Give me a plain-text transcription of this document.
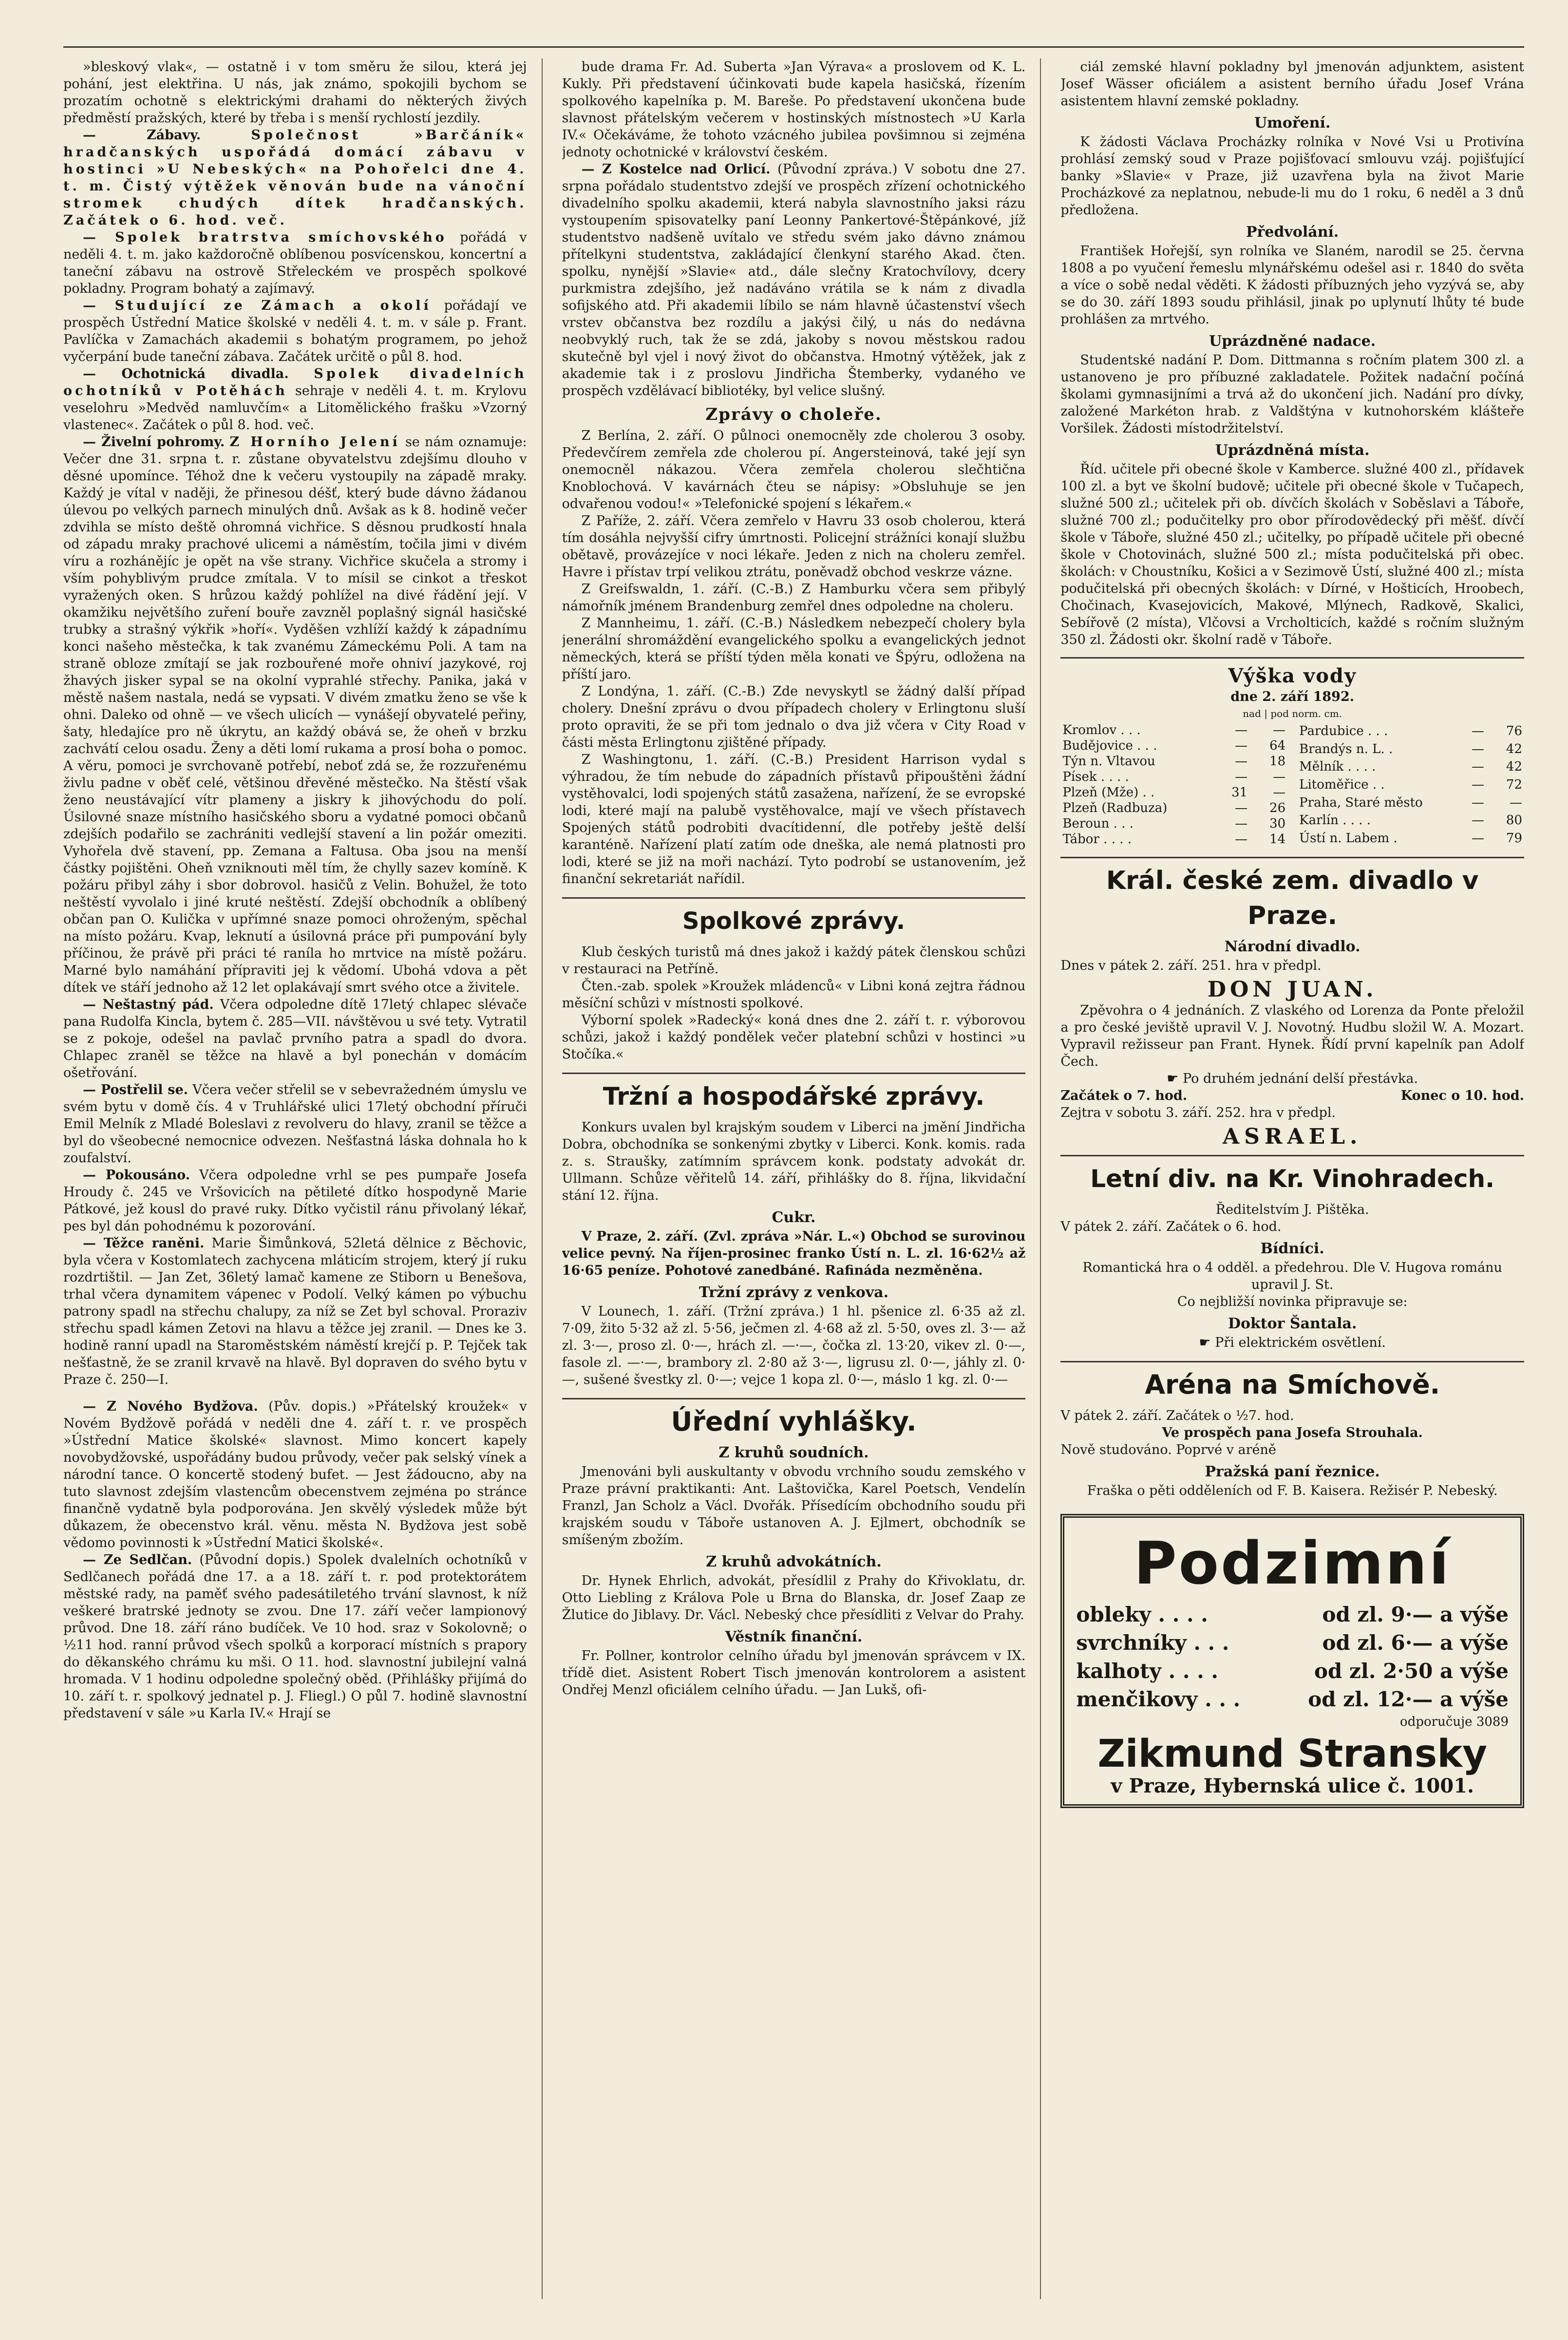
»bleskový vlak«, — ostatně i v tom směru že silou, která jej pohání, jest elektřina. U nás, jak známo, spokojili bychom se prozatím ochotně s elektrickými drahami do některých živých předměstí pražských, které by třeba i s menší rychlostí jezdily.

— Zábavy.	Společnost »Barčáník« hradčanských uspořádá domácí zábavu v hostinci »U Nebeských« na Pohořelci dne 4. t. m. Čistý výtěžek věnován bude na vánoční stromek chudých dítek hradčanských. Začátek o 6. hod. več.

— Spolek bratrstva smíchovského pořádá v neděli 4. t. m. jako každoročně oblíbenou posvícenskou, koncertní a taneční zábavu na ostrově Střeleckém ve prospěch spolkové pokladny. Program bohatý a zajímavý.

— Studující ze Zámach a okolí pořádají ve prospěch Ústřední Matice školské v neděli 4. t. m. v sále p. Frant. Pavlíčka v Zamachách akademii s bohatým programem, po jehož vyčerpání bude taneční zábava. Začátek určitě o půl 8. hod.

— Ochotnická divadla. Spolek divadelních ochotníků v Potěhách sehraje v neděli 4. t. m. Krylovu veselohru »Medvěd namluvčím« a Litomělického frašku »Vzorný vlastenec«. Začátek o půl 8. hod. več.

— Živelní pohromy. Z Horního Jelení se nám oznamuje: Večer dne 31. srpna t. r. zůstane obyvatelstvu zdejšímu dlouho v děsné upomínce. Téhož dne k večeru vystoupily na západě mraky. Každý je vítal v naději, že přinesou déšť, který bude dávno žádanou úlevou po velkých parnech minulých dnů. Avšak as k 8. hodině večer zdvihla se místo deště ohromná vichřice. S děsnou prudkostí hnala od západu mraky prachové ulicemi a náměstím, točila jimi v divém víru a rozhánějíc je opět na vše strany. Vichřice skučela a stromy i vším pohyblivým prudce zmítala. V to mísil se cinkot a třeskot vyražených oken. S hrůzou každý pohlížel na divé řádění její. V okamžiku největšího zuření bouře zavzněl poplašný signál hasičské trubky a strašný výkřik »hoří«. Vyděšen vzhlíží každý k západnímu konci našeho městečka, k tak zvanému Zámeckému Poli. A tam na straně obloze zmítají se jak rozbouřené moře ohniví jazykové, roj žhavých jisker sypal se na okolní vyprahlé střechy. Panika, jaká v městě našem nastala, nedá se vypsati. V divém zmatku ženo se vše k ohni. Daleko od ohně — ve všech ulicích — vynášejí obyvatelé peřiny, šaty, hledajíce pro ně úkrytu, an každý obává se, že oheň v brzku zachvátí celou osadu. Ženy a děti lomí rukama a prosí boha o pomoc. A věru, pomoci je svrchovaně potřebí, neboť zdá se, že rozzuřenému živlu padne v oběť celé, většinou dřevěné městečko. Na štěstí však ženo neustávající vítr plameny a jiskry k jihovýchodu do polí. Úsilovné snaze místního hasičského sboru a vydatné pomoci občanů zdejších podařilo se zachrániti vedlejší stavení a lin požár omeziti. Vyhořela dvě stavení, pp. Zemana a Faltusa. Oba jsou na menší částky pojištěni. Oheň vzniknouti měl tím, že chylly sazev komíně. K požáru přibyl záhy i sbor dobrovol. hasičů z Velin. Bohužel, že toto neštěstí vyvolalo i jiné kruté neštěstí. Zdejší obchodník a oblíbený občan pan O. Kulička v upřímné snaze pomoci ohroženým, spěchal na místo požáru. Kvap, leknutí a úsilovná práce při pumpování byly příčinou, že právě při práci té raníla ho mrtvice na místě požáru. Marné bylo namáhání přípraviti jej k vědomí. Ubohá vdova a pět dítek ve stáří jednoho až 12 let oplakávají smrt svého otce a živitele.

— Neštastný pád. Včera odpoledne dítě 17letý chlapec slévače pana Rudolfa Kincla, bytem č. 285—VII. návštěvou u své tety. Vytratil se z pokoje, odešel na pavlač prvního patra a spadl do dvora. Chlapec zraněl se těžce na hlavě a byl ponechán v domácím ošetřování.

— Postřelil se. Včera večer střelil se v sebevražedném úmyslu ve svém bytu v domě čís. 4 v Truhlářské ulici 17letý obchodní příruči Emil Melník z Mladé Boleslavi z revolveru do hlavy, zranil se těžce a byl do všeobecné nemocnice odvezen. Nešťastná láska dohnala ho k zoufalství.

— Pokousáno. Včera odpoledne vrhl se pes pumpaře Josefa Hroudy č. 245 ve Vršovicích na pětileté dítko hospodyně Marie Pátkové, jež kousl do pravé ruky. Dítko vyčistil ránu přivolaný lékař, pes byl dán pohodnému k pozorování.

— Těžce raněni. Marie Šimůnková, 52letá dělnice z Běchovic, byla včera v Kostomlatech zachycena mláticím strojem, který jí ruku rozdrtištil. — Jan Zet, 36letý lamač kamene ze Stiborn u Benešova, trhal včera dynamitem vápenec v Podolí. Velký kámen po výbuchu patrony spadl na střechu chalupy, za níž se Zet byl schoval. Proraziv střechu spadl kámen Zetovi na hlavu a těžce jej zranil. — Dnes ke 3. hodině ranní upadl na Staroměstském náměstí krejčí p. P. Tejček tak nešťastně, že se zranil krvavě na hlavě. Byl dopraven do svého bytu v Praze č. 250—I.

— Z Nového Bydžova. (Pův. dopis.) »Přátelský kroužek« v Novém Bydžově pořádá v neděli dne 4. září t. r. ve prospěch »Ústřední Matice školské« slavnost. Mimo koncert kapely novobydžovské, uspořádány budou průvody, večer pak selský vínek a národní tance. O koncertě stodený bufet. — Jest žádoucno, aby na tuto slavnost zdejším vlastencům obecenstvem zejména po stránce finančně vydatně byla podporována. Jen skvělý výsledek může být důkazem, že obecenstvo král. věnu. města N. Bydžova jest sobě vědomo povinnosti k »Ústřední Matici školské«.

— Ze Sedlčan. (Původní dopis.) Spolek dvalelních ochotníků v Sedlčanech pořádá dne 17. a a 18. září t. r. pod protektorátem městské rady, na paměť svého padesátiletého trvání slavnost, k níž veškeré bratrské jednoty se zvou. Dne 17. září večer lampionový průvod. Dne 18. září ráno budíček. Ve 10 hod. sraz v Sokolovně; o ½11 hod. ranní průvod všech spolků a korporací místních s prapory do děkanského chrámu ku mši. O 11. hod. slavnostní jubilejní valná hromada. V 1 hodinu odpoledne společný oběd. (Přihlášky přijímá do 10. září t. r. spolkový jednatel p. J. Fliegl.) O půl 7. hodině slavnostní představení v sále »u Karla IV.« Hrají se

bude drama Fr. Ad. Suberta »Jan Výrava« a proslovem od K. L. Kukly. Při představení účinkovati bude kapela hasičská, řízením spolkového kapelníka p. M. Bareše. Po představení ukončena bude slavnost přátelským večerem v hostinských místnostech »U Karla IV.« Očekáváme, že tohoto vzácného jubilea povšimnou si zejména jednoty ochotnické v království českém.

— Z Kostelce nad Orlicí. (Původní zpráva.) V sobotu dne 27. srpna pořádalo studentstvo zdejší ve prospěch zřízení ochotnického divadelního spolku akademii, která nabyla slavnostního jaksi rázu vystoupením spisovatelky paní Leonny Pankertové-Štěpánkové, jíž studentstvo nadšeně uvítalo ve středu svém jako dávno známou přítelkyni studentstva, zakládající členkyní starého Akad. čten. spolku, nynější »Slavie« atd., dále slečny Kratochvílovy, dcery purkmistra zdejšího, jež nadáváno vrátila se k nám z divadla sofijského atd. Při akademii líbilo se nám hlavně účastenství všech vrstev občanstva bez rozdílu a jakýsi čilý, u nás do nedávna neobvyklý ruch, tak že se zdá, jakoby s novou městskou radou skutečně byl vjel i nový život do občanstva. Hmotný výtěžek, jak z akademie tak i z proslovu Jindřicha Štemberky, vydaného ve prospěch vzdělávací bibliotéky, byl velice slušný.

Zprávy o choleře.

Z Berlína, 2. září. O půlnoci onemocněly zde cholerou 3 osoby. Předevčírem zemřela zde cholerou pí. Angersteinová, také její syn onemocněl nákazou. Včera zemřela cholerou slečhtična Knoblochová. V kavárnách čteu se nápisy: »Obsluhuje se jen odvařenou vodou!« »Telefonické spojení s lékařem.«

Z Paříže, 2. září. Včera zemřelo v Havru 33 osob cholerou, která tím dosáhla nejvyšší cifry úmrtnosti. Policejní strážníci konají službu obětavě, provázejíce v noci lékaře. Jeden z nich na choleru zemřel. Havre i přístav trpí velikou ztrátu, poněvadž obchod veskrze vázne.

Z Greifswaldn, 1. září. (C.-B.) Z Hamburku včera sem přibylý námořník jménem Brandenburg zemřel dnes odpoledne na choleru.

Z Mannheimu, 1. září. (C.-B.) Následkem nebezpečí cholery byla jenerální shromáždění evangelického spolku a evangelických jednot německých, která se příští týden měla konati ve Špýru, odložena na příští jaro.

Z Londýna, 1. září. (C.-B.) Zde nevyskytl se žádný další případ cholery. Dnešní zprávu o dvou případech cholery v Erlingtonu sluší proto opraviti, že se při tom jednalo o dva již včera v City Road v části města Erlingtonu zjištěné případy.

Z Washingtonu, 1. září. (C.-B.) President Harrison vydal s výhradou, že tím nebude do západních přístavů připouštěni žádní vystěhovalci, lodi spojených států zasažena, nařízení, že se evropské lodi, které mají na palubě vystěhovalce, mají ve všech přístavech Spojených států podrobiti dvacítidenní, dle potřeby ještě delší karanténě. Nařízení platí zatím ode dneška, ale nemá platnosti pro lodi, které se již na moři nachází. Tyto podrobí se ustanovením, jež finanční sekretariát nařídil.

Spolkové zprávy.

Klub českých turistů má dnes jakož i každý pátek členskou schůzi v restauraci na Petříně.

Čten.-zab. spolek »Kroužek mládenců« v Libni koná zejtra řádnou měsíční schůzi v místnosti spolkové.

Výborní spolek »Radecký« koná dnes dne 2. září t. r. výborovou schůzi, jakož i každý pondělek večer platební schůzi v hostinci »u Stočíka.«

Tržní a hospodářské zprávy.

Konkurs uvalen byl krajským soudem v Liberci na jmění Jindřicha Dobra, obchodníka se sonkenými zbytky v Liberci. Konk. komis. rada z. s. Straušky, zatímním správcem konk. podstaty advokát dr. Ullmann. Schůze věřitelů 14. září, přihlášky do 8. října, likvidační stání 12. října.

Cukr.

V Praze, 2. září. (Zvl. zpráva »Nár. L.«) Obchod se surovinou velice pevný. Na říjen-prosinec franko Ústí n. L. zl. 16·62½ až 16·65 peníze. Pohotové zanedbáné. Rafináda nezměněna.

Tržní zprávy z venkova.

V Lounech, 1. září. (Tržní zpráva.) 1 hl. pšenice zl. 6·35 až zl. 7·09, žito 5·32 až zl. 5·56, ječmen zl. 4·68 až zl. 5·50, oves zl. 3·— až zl. 3·—, proso zl. 0·—, hrách zl. —·—, čočka zl. 13·20, vikev zl. 0·—, fasole zl. —·—, brambory zl. 2·80 až 3·—, ligrusu zl. 0·—, jáhly zl. 0·—, sušené švestky zl. 0·—; vejce 1 kopa zl. 0·—, máslo 1 kg. zl. 0·—

Úřední vyhlášky.
Z kruhů soudních.

Jmenováni byli auskultanty v obvodu vrchního soudu zemského v Praze právní praktikanti: Ant. Laštovička, Karel Poetsch, Vendelín Franzl, Jan Scholz a Václ. Dvořák. Přísedícím obchodního soudu při krajském soudu v Táboře ustanoven A. J. Ejlmert, obchodník se smíšeným zbožím.

Z kruhů advokátních.

Dr. Hynek Ehrlich, advokát, přesídlil z Prahy do Křivoklatu, dr. Otto Liebling z Králova Pole u Brna do Blanska, dr. Josef Zaap ze Žlutice do Jiblavy. Dr. Václ. Nebeský chce přesídliti z Velvar do Prahy.

Věstník finanční.

Fr. Pollner, kontrolor celního úřadu byl jmenován správcem v IX. třídě diet. Asistent Robert Tisch jmenován kontrolorem a asistent Ondřej Menzl oficiálem celního úřadu. — Jan Lukš, ofi-

ciál zemské hlavní pokladny byl jmenován adjunktem, asistent Josef Wässer oficiálem a asistent berního úřadu Josef Vrána asistentem hlavní zemské pokladny.

Umoření.

K žádosti Václava Procházky rolníka v Nové Vsi u Protivína prohlásí zemský soud v Praze pojišťovací smlouvu vzáj. pojišťující banky »Slavie« v Praze, již uzavřena byla na život Marie Procházkové za neplatnou, nebude-li mu do 1 roku, 6 neděl a 3 dnů předložena.

Předvolání.

František Hořejší, syn rolníka ve Slaném, narodil se 25. června 1808 a po vyučení řemeslu mlynářskému odešel asi r. 1840 do světa a více o sobě nedal věděti. K žádosti příbuzných jeho vyzývá se, aby se do 30. září 1893 soudu přihlásil, jinak po uplynutí lhůty té bude prohlášen za mrtvého.

Uprázdněné nadace.

Studentské nadání P. Dom. Dittmanna s ročním platem 300 zl. a ustanoveno je pro příbuzné zakladatele. Požitek nadační počíná školami gymnasijními a trvá až do ukončení jich. Nadání pro dívky, založené Markéton hrab. z Valdštýna v kutnohorském klášteře Voršilek. Žádosti místodržitelství.

Uprázdněná místa.

Říd. učitele při obecné škole v Kamberce. služné 400 zl., přídavek 100 zl. a byt ve školní budově; učitele při obecné škole v Tučapech, služné 500 zl.; učitelek při ob. dívčích školách v Soběslavi a Táboře, služné 700 zl.; podučitelky pro obor přírodovědecký při měšť. dívčí škole v Táboře, služné 450 zl.; učitelky, po případě učitele při obecné škole v Chotovinách, služné 500 zl.; místa podučitelská při obec. školách: v Choustníku, Košici a v Sezimově Ústí, služné 400 zl.; místa podučitelská při obecných školách: v Dírné, v Hošticích, Hroobech, Chočinach, Kvasejovicích, Makové, Mlýnech, Radkově, Skalici, Sebířově (2 místa), Vlčovsi a Vrcholticích, každé s ročním služným 350 zl. Žádosti okr. školní radě v Táboře.

Výška vody
dne 2. září 1892.
nad | pod norm. cm.
Kromlov . . .	—	—
Budějovice . . .	—	64
Týn n. Vltavou	—	18
Písek . . . .	—	—
Plzeň (Mže) . .	31	—
Plzeň (Radbuza)	—	26
Beroun . . .	—	30
Tábor . . . .	—	14
Pardubice . . .	—	76
Brandýs n. L. .	—	42
Mělník . . . .	—	42
Litoměřice . .	—	72
Praha, Staré město	—	—
Karlín . . . .	—	80
Ústí n. Labem .	—	79

Král. české zem. divadlo v Praze.
Národní divadlo.
Dnes v pátek 2. září. 251. hra v předpl.
DON JUAN.

Zpěvohra o 4 jednáních. Z vlaského od Lorenza da Ponte přeložil a pro české jeviště upravil V. J. Novotný. Hudbu složil W. A. Mozart. Vypravil režisseur pan Frant. Hynek. Řídí první kapelník pan Adolf Čech.

☛ Po druhém jednání delší přestávka.
Začátek o 7. hod.	Konec o 10. hod.
Zejtra v sobotu 3. září. 252. hra v předpl.
ASRAEL.
Letní div. na Kr. Vinohradech.
Ředitelstvím J. Pištěka.
V pátek 2. září. Začátek o 6. hod.
Bídníci.
Romantická hra o 4 odděl. a předehrou. Dle V. Hugova románu upravil J. St.
Co nejbližší novinka připravuje se:
Doktor Šantala.
☛ Při elektrickém osvětlení.
Aréna na Smíchově.
V pátek 2. září. Začátek o ½7. hod.
Ve prospěch pana Josefa Strouhala.
Nově studováno. Poprvé v aréně
Pražská paní řeznice.
Fraška o pěti odděleních od F. B. Kaisera. Režisér P. Nebeský.
Podzimní
obleky . . . .	od zl. 9·— a výše
svrchníky . . .	od zl. 6·— a výše
kalhoty . . . .	od zl. 2·50 a výše
menčikovy . . .	od zl. 12·— a výše
odporučuje 3089
Zikmund Stransky
v Praze, Hybernská ulice č. 1001.
